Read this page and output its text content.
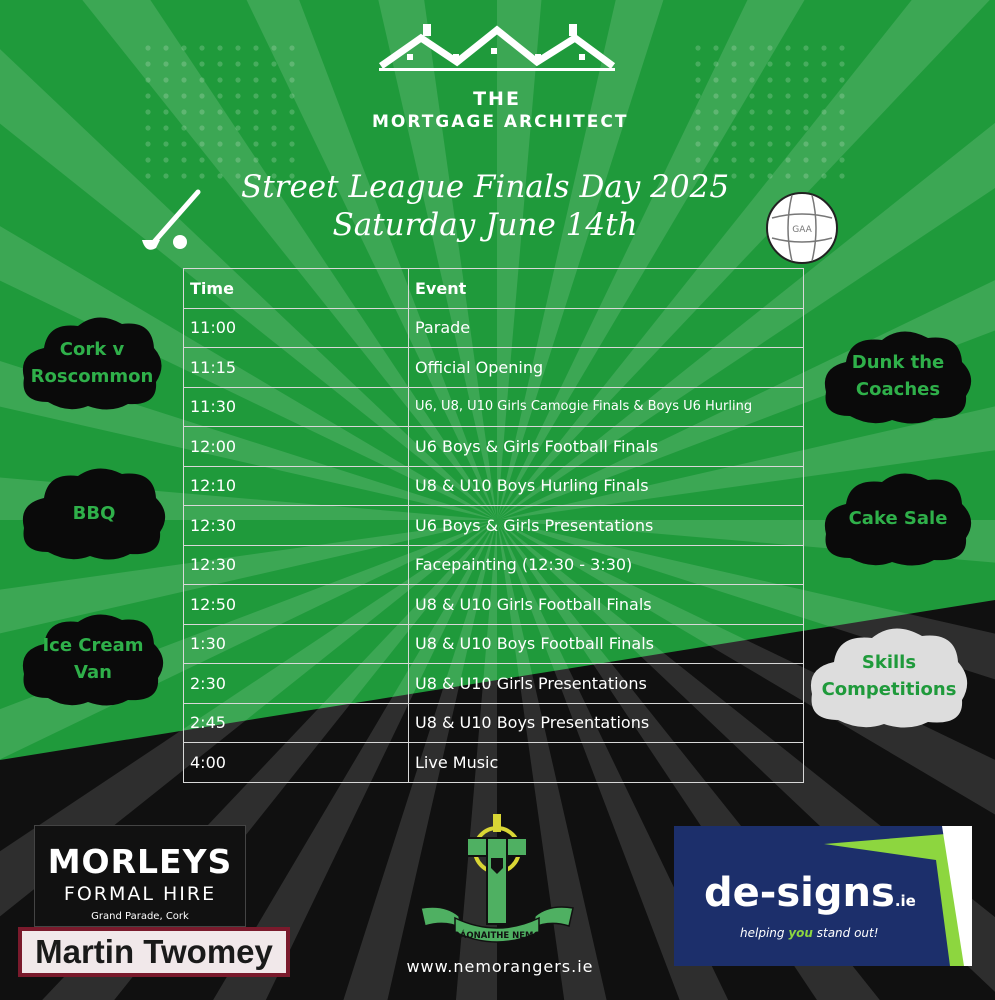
THE
MORTGAGE ARCHITECT
Street League Finals Day 2025
Saturday June 14th	GAA
Time	Event
11:00	Parade
11:15	Official Opening
11:30	U6, U8, U10 Girls Camogie Finals & Boys U6 Hurling
12:00	U6 Boys & Girls Football Finals
12:10	U8 & U10 Boys Hurling Finals
12:30	U6 Boys & Girls Presentations
12:30	Facepainting (12:30 - 3:30)
12:50	U8 & U10 Girls Football Finals
1:30	U8 & U10 Boys Football Finals
2:30	U8 & U10 Girls Presentations
2:45	U8 & U10 Boys Presentations
4:00	Live Music
Cork v
Roscommon
BBQ
Ice Cream
Van
Dunk the
Coaches
Cake Sale
Skills
Competitions
MORLEYS
FORMAL HIRE
Grand Parade, Cork
Martin Twomey	RÁONAITHE NEMO
www.nemorangers.ie
de-signs.ie
helping you stand out!
